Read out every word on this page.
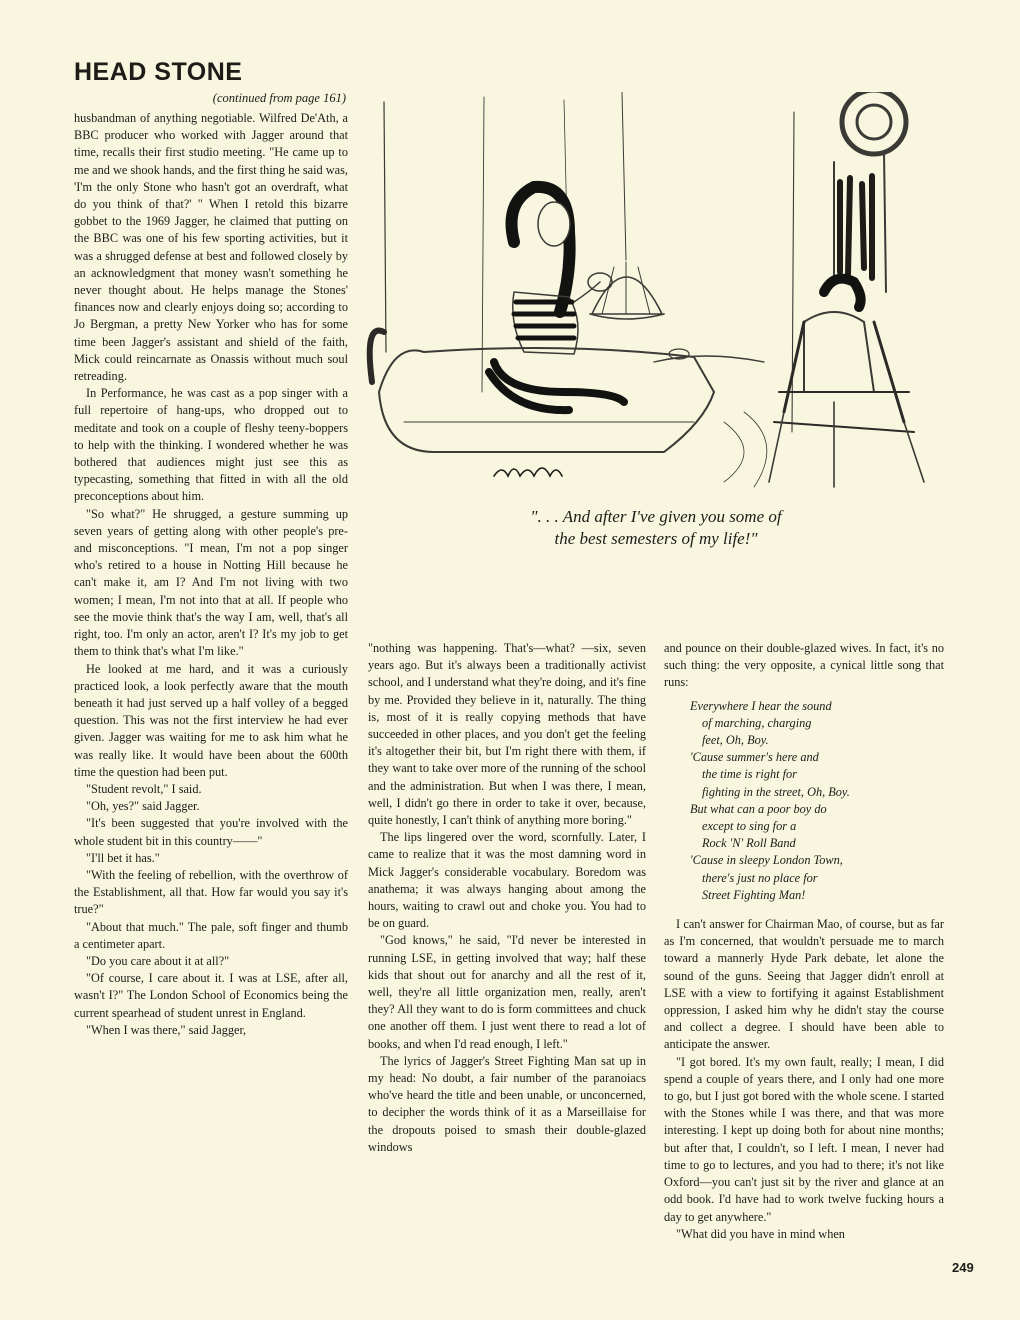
HEAD STONE
(continued from page 161)

husbandman of anything negotiable. Wilfred De'Ath, a BBC producer who worked with Jagger around that time, recalls their first studio meeting. "He came up to me and we shook hands, and the first thing he said was, 'I'm the only Stone who hasn't got an overdraft, what do you think of that?' " When I retold this bizarre gobbet to the 1969 Jagger, he claimed that putting on the BBC was one of his few sporting activities, but it was a shrugged defense at best and followed closely by an acknowledgment that money wasn't something he never thought about. He helps manage the Stones' finances now and clearly enjoys doing so; according to Jo Bergman, a pretty New Yorker who has for some time been Jagger's assistant and shield of the faith, Mick could reincarnate as Onassis without much soul retreading.

In Performance, he was cast as a pop singer with a full repertoire of hang-ups, who dropped out to meditate and took on a couple of fleshy teeny-boppers to help with the thinking. I wondered whether he was bothered that audiences might just see this as typecasting, something that fitted in with all the old preconceptions about him.

"So what?" He shrugged, a gesture summing up seven years of getting along with other people's pre- and misconceptions. "I mean, I'm not a pop singer who's retired to a house in Notting Hill because he can't make it, am I? And I'm not living with two women; I mean, I'm not into that at all. If people who see the movie think that's the way I am, well, that's all right, too. I'm only an actor, aren't I? It's my job to get them to think that's what I'm like."

He looked at me hard, and it was a curiously practiced look, a look perfectly aware that the mouth beneath it had just served up a half volley of a begged question. This was not the first interview he had ever given. Jagger was waiting for me to ask him what he was really like. It would have been about the 600th time the question had been put.

"Student revolt," I said.

"Oh, yes?" said Jagger.

"It's been suggested that you're involved with the whole student bit in this country——"

"I'll bet it has."

"With the feeling of rebellion, with the overthrow of the Establishment, all that. How far would you say it's true?"

"About that much." The pale, soft finger and thumb a centimeter apart.

"Do you care about it at all?"

"Of course, I care about it. I was at LSE, after all, wasn't I?" The London School of Economics being the current spearhead of student unrest in England.

"When I was there," said Jagger,

". . . And after I've given you some of
the best semesters of my life!"

"nothing was happening. That's—what? —six, seven years ago. But it's always been a traditionally activist school, and I understand what they're doing, and it's fine by me. Provided they believe in it, naturally. The thing is, most of it is really copying methods that have succeeded in other places, and you don't get the feeling it's altogether their bit, but I'm right there with them, if they want to take over more of the running of the school and the administration. But when I was there, I mean, well, I didn't go there in order to take it over, because, quite honestly, I can't think of anything more boring."

The lips lingered over the word, scornfully. Later, I came to realize that it was the most damning word in Mick Jagger's considerable vocabulary. Boredom was anathema; it was always hanging about among the hours, waiting to crawl out and choke you. You had to be on guard.

"God knows," he said, "I'd never be interested in running LSE, in getting involved that way; half these kids that shout out for anarchy and all the rest of it, well, they're all little organization men, really, aren't they? All they want to do is form committees and chuck one another off them. I just went there to read a lot of books, and when I'd read enough, I left."

The lyrics of Jagger's Street Fighting Man sat up in my head: No doubt, a fair number of the paranoiacs who've heard the title and been unable, or unconcerned, to decipher the words think of it as a Marseillaise for the dropouts poised to smash their double-glazed windows

and pounce on their double-glazed wives. In fact, it's no such thing: the very opposite, a cynical little song that runs:

Everywhere I hear the sound
of marching, charging
feet, Oh, Boy.
'Cause summer's here and
the time is right for
fighting in the street, Oh, Boy.
But what can a poor boy do
except to sing for a
Rock 'N' Roll Band
'Cause in sleepy London Town,
there's just no place for
Street Fighting Man!

I can't answer for Chairman Mao, of course, but as far as I'm concerned, that wouldn't persuade me to march toward a mannerly Hyde Park debate, let alone the sound of the guns. Seeing that Jagger didn't enroll at LSE with a view to fortifying it against Establishment oppression, I asked him why he didn't stay the course and collect a degree. I should have been able to anticipate the answer.

"I got bored. It's my own fault, really; I mean, I did spend a couple of years there, and I only had one more to go, but I just got bored with the whole scene. I started with the Stones while I was there, and that was more interesting. I kept up doing both for about nine months; but after that, I couldn't, so I left. I mean, I never had time to go to lectures, and you had to there; it's not like Oxford—you can't just sit by the river and glance at an odd book. I'd have had to work twelve fucking hours a day to get anywhere."

"What did you have in mind when

249
